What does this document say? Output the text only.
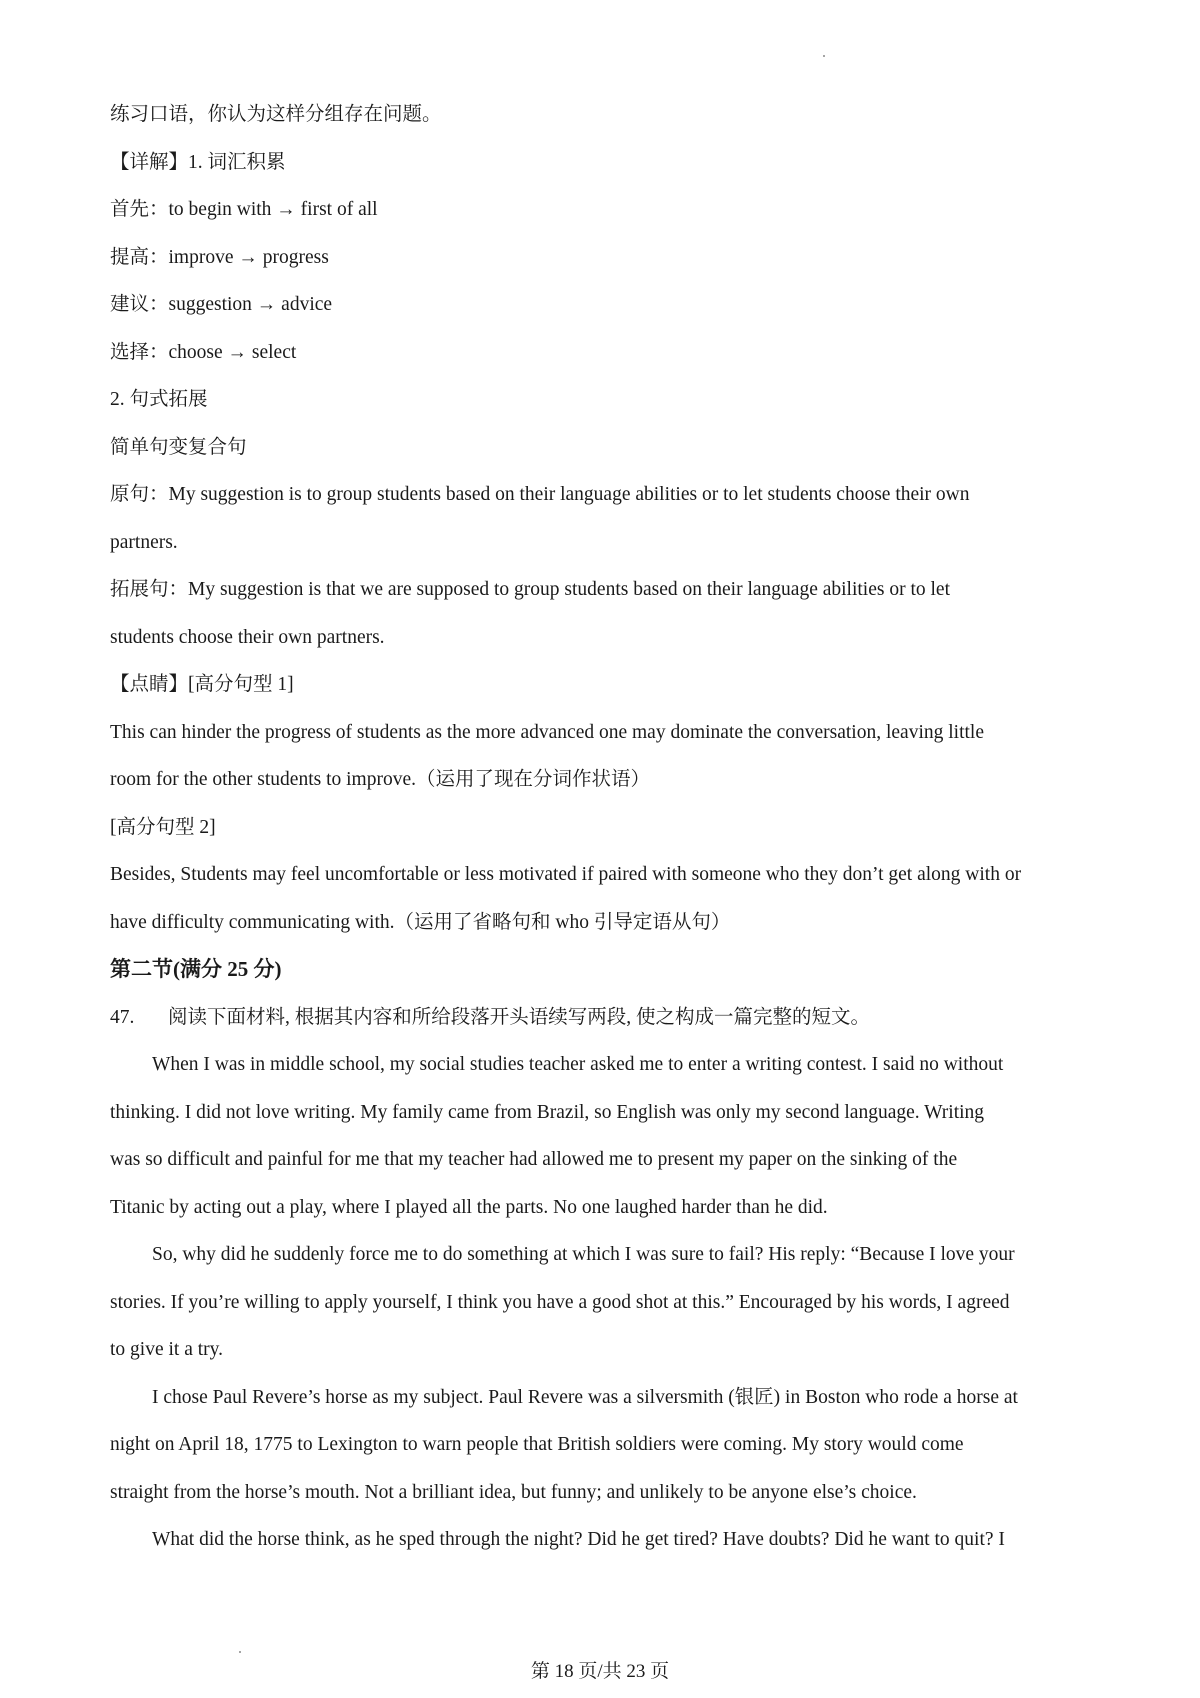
练习口语，你认为这样分组存在问题。
【详解】1. 词汇积累
首先：to begin with → first of all
提高：improve → progress
建议：suggestion → advice
选择：choose → select
2. 句式拓展
简单句变复合句
原句：My suggestion is to group students based on their language abilities or to let students choose their own
partners.
拓展句：My suggestion is that we are supposed to group students based on their language abilities or to let
students choose their own partners.
【点睛】[高分句型 1]
This can hinder the progress of students as the more advanced one may dominate the conversation, leaving little
room for the other students to improve.（运用了现在分词作状语）
[高分句型 2]
Besides, Students may feel uncomfortable or less motivated if paired with someone who they don’t get along with or
have difficulty communicating with.（运用了省略句和 who 引导定语从句）
第二节(满分 25 分)
47. 阅读下面材料, 根据其内容和所给段落开头语续写两段, 使之构成一篇完整的短文。
When I was in middle school, my social studies teacher asked me to enter a writing contest. I said no without
thinking. I did not love writing. My family came from Brazil, so English was only my second language. Writing
was so difficult and painful for me that my teacher had allowed me to present my paper on the sinking of the
Titanic by acting out a play, where I played all the parts. No one laughed harder than he did.
So, why did he suddenly force me to do something at which I was sure to fail? His reply: “Because I love your
stories. If you’re willing to apply yourself, I think you have a good shot at this.” Encouraged by his words, I agreed
to give it a try.
I chose Paul Revere’s horse as my subject. Paul Revere was a silversmith (银匠) in Boston who rode a horse at
night on April 18, 1775 to Lexington to warn people that British soldiers were coming. My story would come
straight from the horse’s mouth. Not a brilliant idea, but funny; and unlikely to be anyone else’s choice.
What did the horse think, as he sped through the night? Did he get tired? Have doubts? Did he want to quit? I
第 18 页/共 23 页
